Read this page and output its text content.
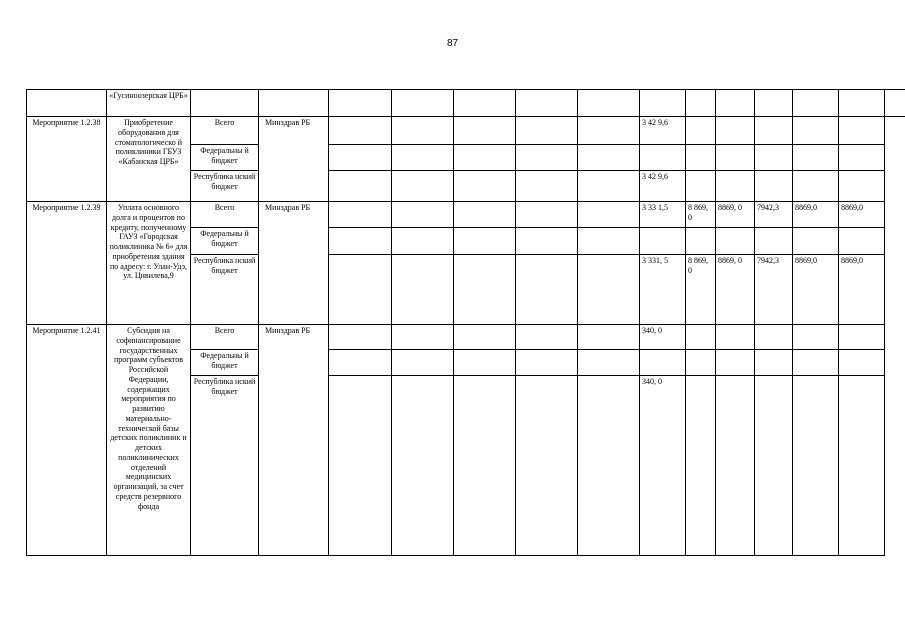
87
	«Гусиноозерская ЦРБ»														
Мероприятие 1.2.38	Приобретение оборудования для стоматологическо й поликлиники ГБУЗ «Кабанская ЦРБ»	Всего	Минздрав РБ						3 42 9,6						
		Федеральны й бюджет													
		Республика нский бюджет							3 42 9,6						
Мероприятие 1.2.39	Уплата основного долга и процентов по кредиту, полученному ГАУЗ «Городская поликлиника № 6» для приобретения здания по адресу: г. Улан-Удэ, ул. Цивилева,9	Всего	Минздрав РБ						3 33 1,5	8 869, 0	8869, 0	7942,3	8869,0	8869,0	
		Федеральны й бюджет													
		Республика нский бюджет							3 331, 5	8 869, 0	8869, 0	7942,3	8869,0	8869,0	
Мероприятие 1.2.41	Субсидия на софинансирование государственных программ субъектов Российской Федерации, содержащих мероприятия по развитию материально-технической базы детских поликлиник и детских поликлинических отделений медицинских организаций, за счет средств резервного фонда	Всего	Минздрав РБ						340, 0						
		Федеральны й бюджет													
		Республика нский бюджет							340, 0						
